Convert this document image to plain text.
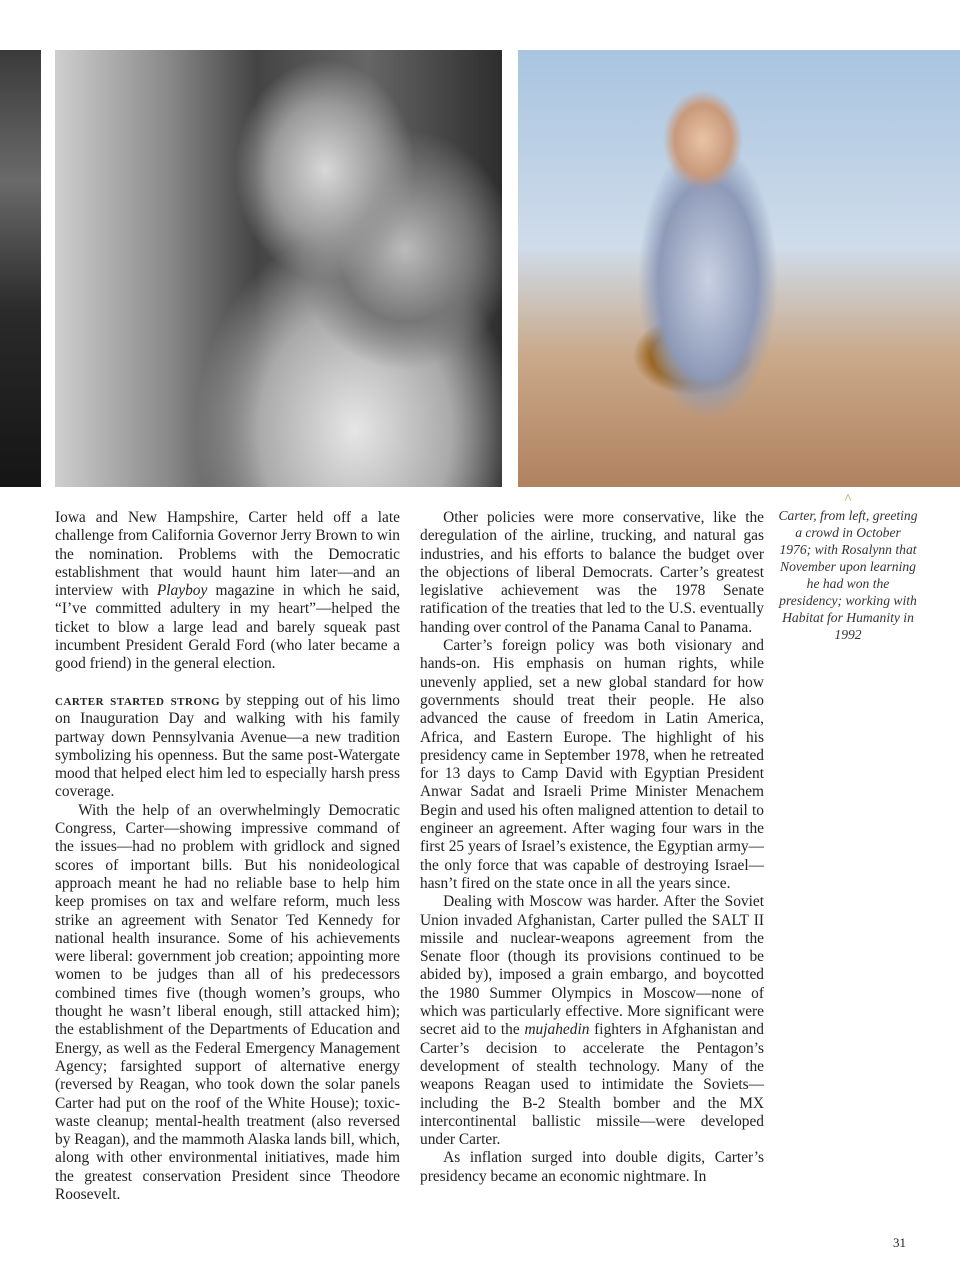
Iowa and New Hampshire, Carter held off a late challenge from California Governor Jerry Brown to win the nomination. Problems with the Democratic establishment that would haunt him later—and an interview with Playboy magazine in which he said, “I’ve committed adultery in my heart”—helped the ticket to blow a large lead and barely squeak past incumbent President Gerald Ford (who later became a good friend) in the general election.

carter started strong by stepping out of his limo on Inauguration Day and walking with his family partway down Pennsylvania Avenue—a new tradition symbolizing his openness. But the same post-Watergate mood that helped elect him led to especially harsh press coverage.

With the help of an overwhelmingly Democratic Congress, Carter—showing impressive command of the issues—had no problem with gridlock and signed scores of important bills. But his nonideological approach meant he had no reliable base to help him keep promises on tax and welfare reform, much less strike an agreement with Senator Ted Kennedy for national health insurance. Some of his achievements were liberal: government job creation; appointing more women to be judges than all of his predecessors combined times five (though women’s groups, who thought he wasn’t liberal enough, still attacked him); the establishment of the Departments of Education and Energy, as well as the Federal Emergency Management Agency; farsighted support of alternative energy (reversed by Reagan, who took down the solar panels Carter had put on the roof of the White House); toxic-waste cleanup; mental-health treatment (also reversed by Reagan), and the mammoth Alaska lands bill, which, along with other environmental initiatives, made him the greatest conservation President since Theodore Roosevelt.

Other policies were more conservative, like the deregulation of the airline, trucking, and natural gas industries, and his efforts to balance the budget over the objections of liberal Democrats. Carter’s greatest legislative achievement was the 1978 Senate ratification of the treaties that led to the U.S. eventually handing over control of the Panama Canal to Panama.

Carter’s foreign policy was both visionary and hands-on. His emphasis on human rights, while unevenly applied, set a new global standard for how governments should treat their people. He also advanced the cause of freedom in Latin America, Africa, and Eastern Europe. The highlight of his presidency came in September 1978, when he retreated for 13 days to Camp David with Egyptian President Anwar Sadat and Israeli Prime Minister Menachem Begin and used his often maligned attention to detail to engineer an agreement. After waging four wars in the first 25 years of Israel’s existence, the Egyptian army—the only force that was capable of destroying Israel—hasn’t fired on the state once in all the years since.

Dealing with Moscow was harder. After the Soviet Union invaded Afghanistan, Carter pulled the SALT II missile and nuclear-weapons agreement from the Senate floor (though its provisions continued to be abided by), imposed a grain embargo, and boycotted the 1980 Summer Olympics in Moscow—none of which was particularly effective. More significant were secret aid to the mujahedin fighters in Afghanistan and Carter’s decision to accelerate the Pentagon’s development of stealth technology. Many of the weapons Reagan used to intimidate the Soviets—including the B-2 Stealth bomber and the MX intercontinental ballistic missile—were developed under Carter.

As inflation surged into double digits, Carter’s presidency became an economic nightmare. In

^
Carter, from left, greeting a crowd in October 1976; with Rosalynn that November upon learning he had won the presidency; working with Habitat for Humanity in 1992
31
